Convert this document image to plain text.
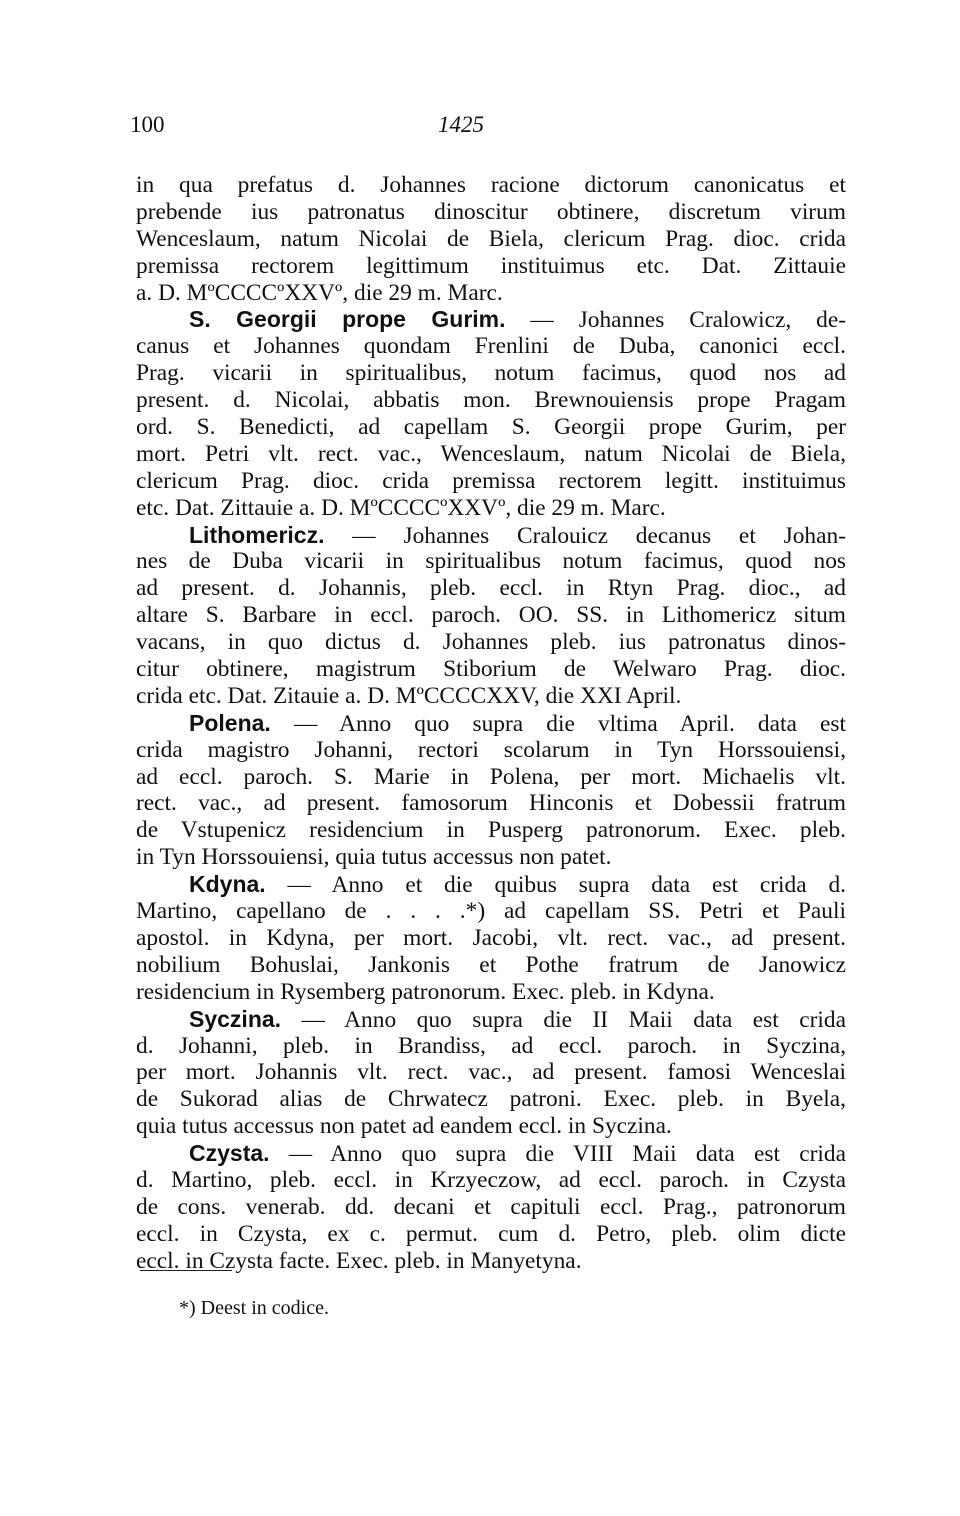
100	1425
in qua prefatus d. Johannes racione dictorum canonicatus et
prebende ius patronatus dinoscitur obtinere, discretum virum
Wenceslaum, natum Nicolai de Biela, clericum Prag. dioc. crida
premissa rectorem legittimum instituimus etc. Dat. Zittauie
a. D. MºCCCCºXXVº, die 29 m. Marc.
S. Georgii prope Gurim. — Johannes Cralowicz, de-
canus et Johannes quondam Frenlini de Duba, canonici eccl.
Prag. vicarii in spiritualibus, notum facimus, quod nos ad
present. d. Nicolai, abbatis mon. Brewnouiensis prope Pragam
ord. S. Benedicti, ad capellam S. Georgii prope Gurim, per
mort. Petri vlt. rect. vac., Wenceslaum, natum Nicolai de Biela,
clericum Prag. dioc. crida premissa rectorem legitt. instituimus
etc. Dat. Zittauie a. D. MºCCCCºXXVº, die 29 m. Marc.
Lithomericz. — Johannes Cralouicz decanus et Johan-
nes de Duba vicarii in spiritualibus notum facimus, quod nos
ad present. d. Johannis, pleb. eccl. in Rtyn Prag. dioc., ad
altare S. Barbare in eccl. paroch. OO. SS. in Lithomericz situm
vacans, in quo dictus d. Johannes pleb. ius patronatus dinos-
citur obtinere, magistrum Stiborium de Welwaro Prag. dioc.
crida etc. Dat. Zitauie a. D. MºCCCCXXV, die XXI April.
Polena. — Anno quo supra die vltima April. data est
crida magistro Johanni, rectori scolarum in Tyn Horssouiensi,
ad eccl. paroch. S. Marie in Polena, per mort. Michaelis vlt.
rect. vac., ad present. famosorum Hinconis et Dobessii fratrum
de Vstupenicz residencium in Pusperg patronorum. Exec. pleb.
in Tyn Horssouiensi, quia tutus accessus non patet.
Kdyna. — Anno et die quibus supra data est crida d.
Martino, capellano de . . . .*) ad capellam SS. Petri et Pauli
apostol. in Kdyna, per mort. Jacobi, vlt. rect. vac., ad present.
nobilium Bohuslai, Jankonis et Pothe fratrum de Janowicz
residencium in Rysemberg patronorum. Exec. pleb. in Kdyna.
Syczina. — Anno quo supra die II Maii data est crida
d. Johanni, pleb. in Brandiss, ad eccl. paroch. in Syczina,
per mort. Johannis vlt. rect. vac., ad present. famosi Wenceslai
de Sukorad alias de Chrwatecz patroni. Exec. pleb. in Byela,
quia tutus accessus non patet ad eandem eccl. in Syczina.
Czysta. — Anno quo supra die VIII Maii data est crida
d. Martino, pleb. eccl. in Krzyeczow, ad eccl. paroch. in Czysta
de cons. venerab. dd. decani et capituli eccl. Prag., patronorum
eccl. in Czysta, ex c. permut. cum d. Petro, pleb. olim dicte
eccl. in Czysta facte. Exec. pleb. in Manyetyna.
*) Deest in codice.
